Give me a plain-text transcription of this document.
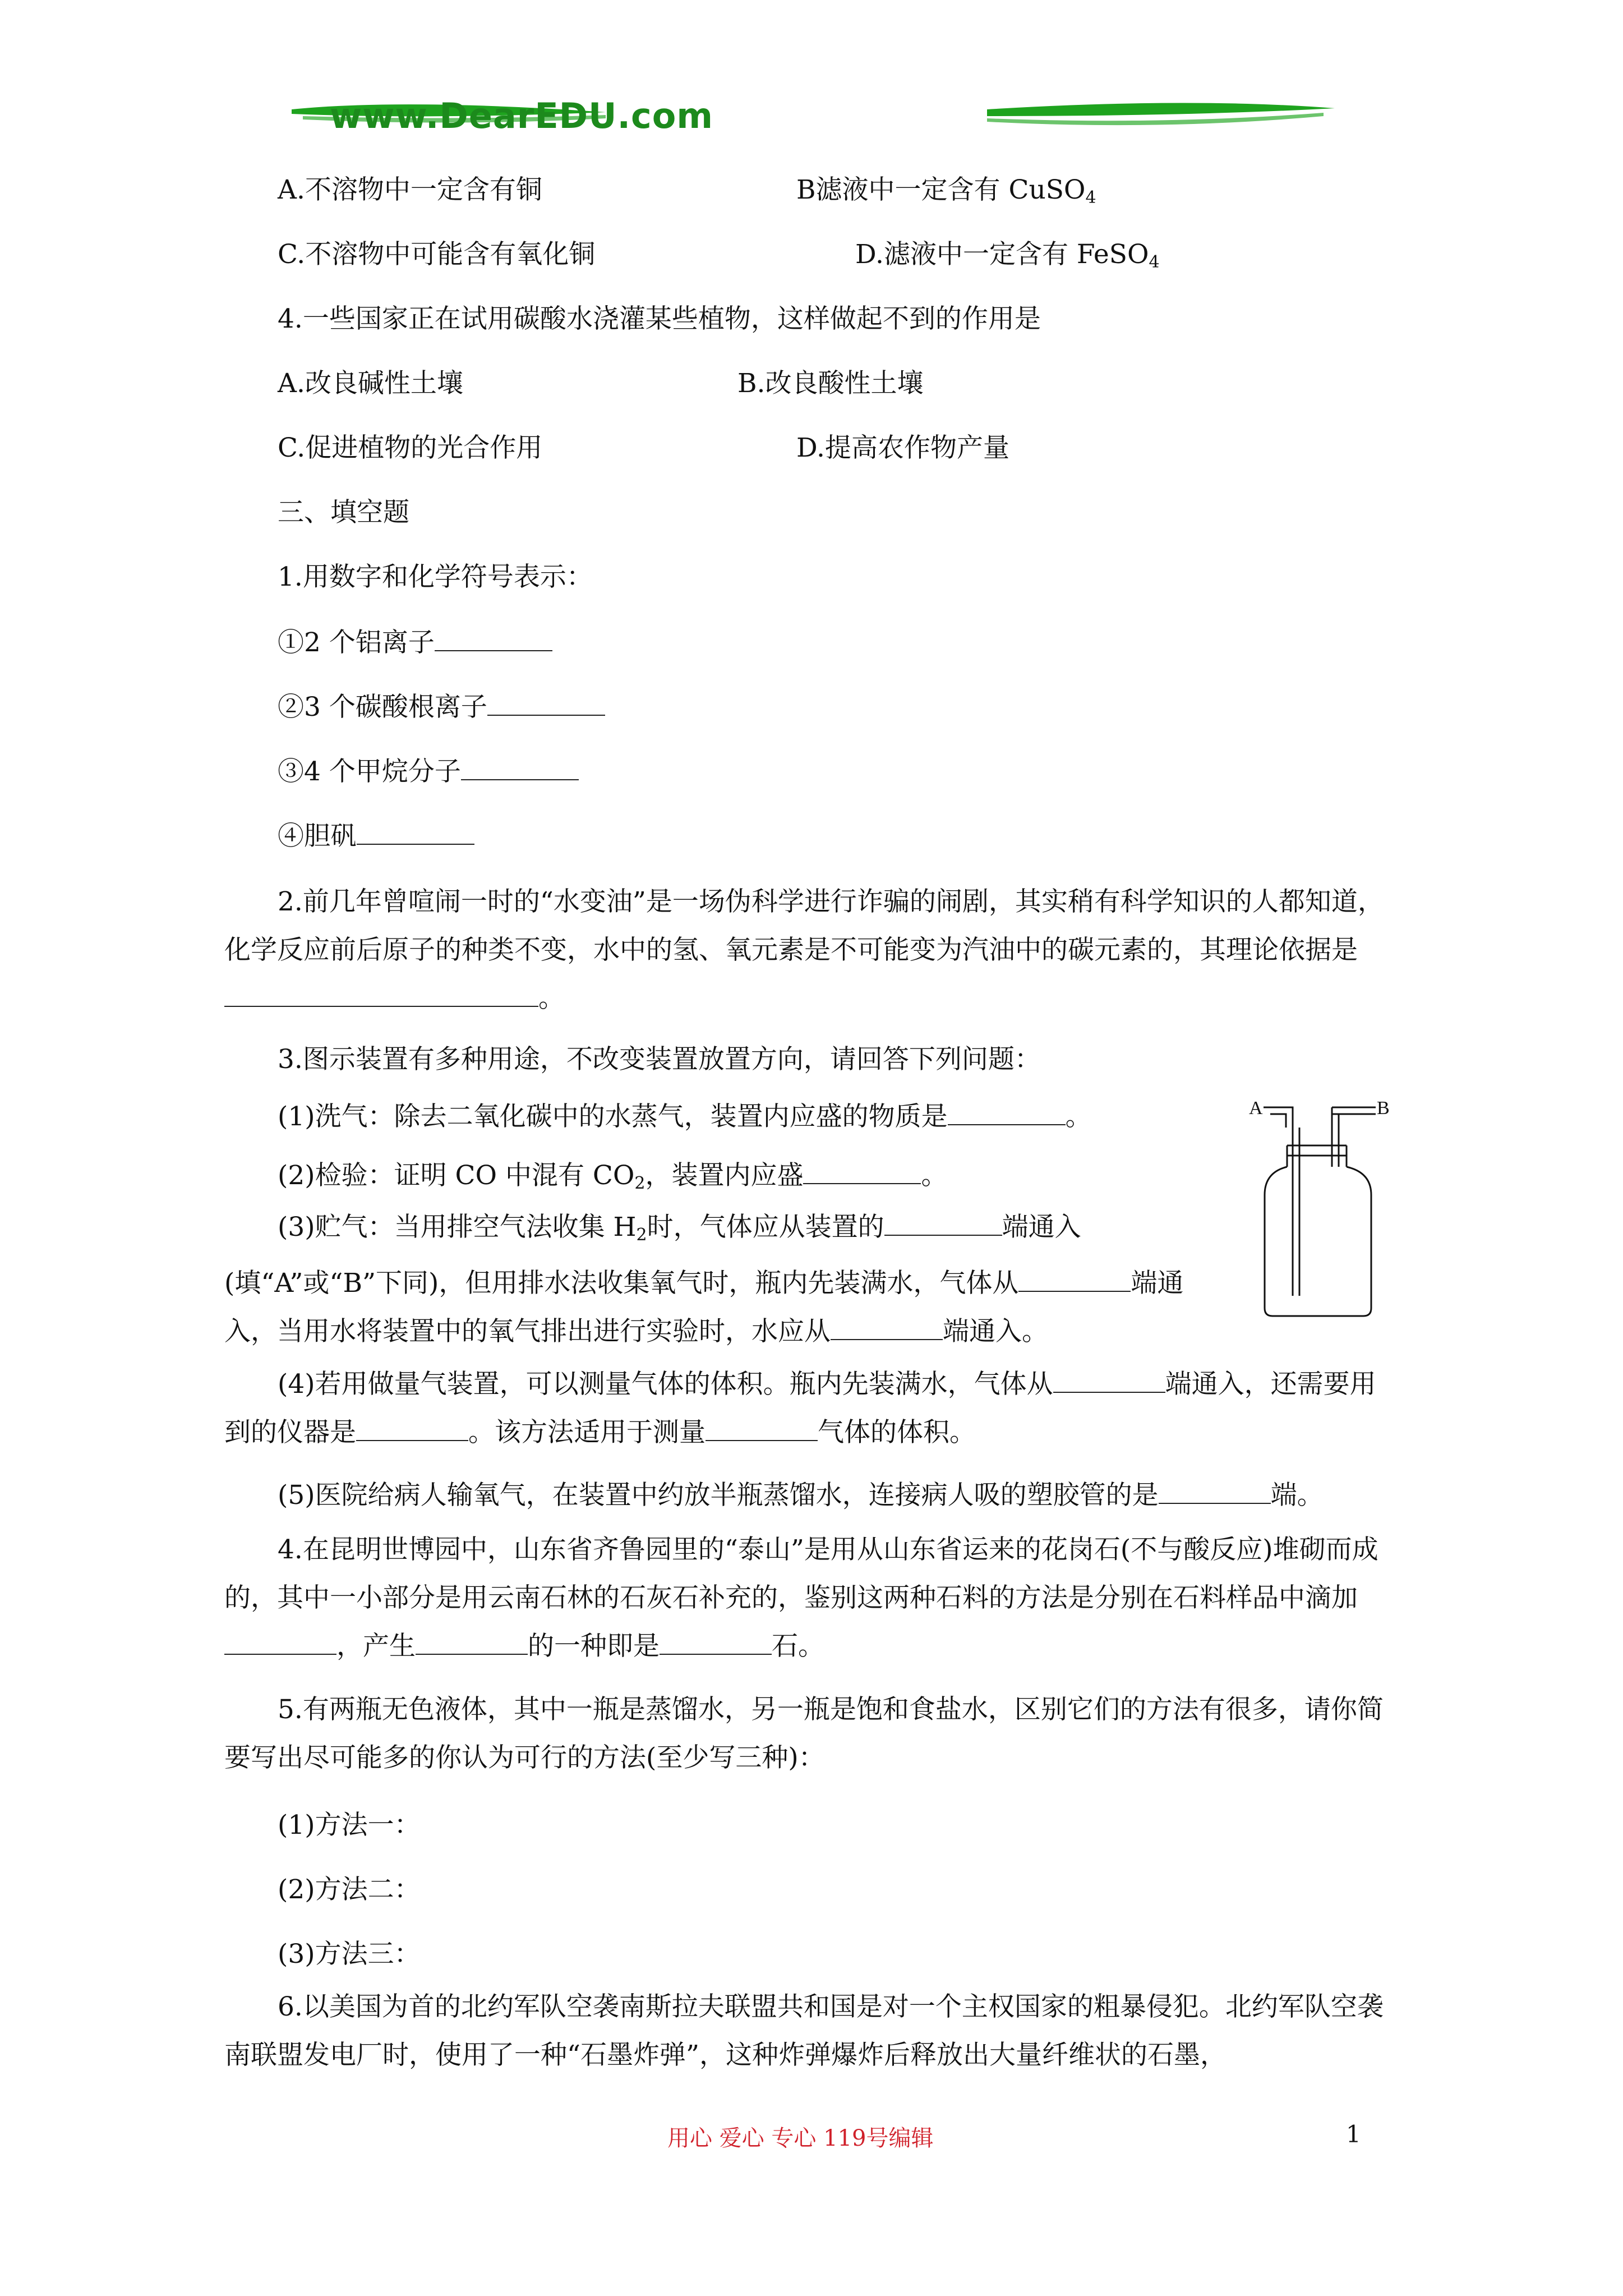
www.DearEDU.com
A.不溶物中一定含有铜	B滤液中一定含有 CuSO$_4$
C.不溶物中可能含有氧化铜	D.滤液中一定含有 FeSO$_4$
4.一些国家正在试用碳酸水浇灌某些植物，这样做起不到的作用是
A.改良碱性土壤	B.改良酸性土壤
C.促进植物的光合作用	D.提高农作物产量
三、填空题
1.用数字和化学符号表示：
①2 个铝离子
②3 个碳酸根离子
③4 个甲烷分子
④胆矾
2.前几年曾喧闹一时的“水变油”是一场伪科学进行诈骗的闹剧，其实稍有科学知识的人都知道，化学反应前后原子的种类不变，水中的氢、氧元素是不可能变为汽油中的碳元素的，其理论依据是。
3.图示装置有多种用途，不改变装置放置方向，请回答下列问题：
(1)洗气：除去二氧化碳中的水蒸气，装置内应盛的物质是	。
(2)检验：证明 CO 中混有 $CO_2$，装置内应盛	。
(3)贮气：当用排空气法收集 $H_2$时，气体应从装置的	端通入(填“A”或“B”下同)，但用排水法收集氧气时，瓶内先装满水，气体从	端通入，当用水将装置中的氧气排出进行实验时，水应从	端通入。
A	B
(4)若用做量气装置，可以测量气体的体积。瓶内先装满水，气体从	端通入，还需要用到的仪器是	。该方法适用于测量	气体的体积。
(5)医院给病人输氧气，在装置中约放半瓶蒸馏水，连接病人吸的塑胶管的是	端。
4.在昆明世博园中，山东省齐鲁园里的“泰山”是用从山东省运来的花岗石(不与酸反应)堆砌而成的，其中一小部分是用云南石林的石灰石补充的，鉴别这两种石料的方法是分别在石料样品中滴加，产生	的一种即是	石。
5.有两瓶无色液体，其中一瓶是蒸馏水，另一瓶是饱和食盐水，区别它们的方法有很多，请你简要写出尽可能多的你认为可行的方法(至少写三种)：
(1)方法一：
(2)方法二：
(3)方法三：
6.以美国为首的北约军队空袭南斯拉夫联盟共和国是对一个主权国家的粗暴侵犯。北约军队空袭南联盟发电厂时，使用了一种“石墨炸弹”，这种炸弹爆炸后释放出大量纤维状的石墨，
用心 爱心 专心 119号编辑	1
